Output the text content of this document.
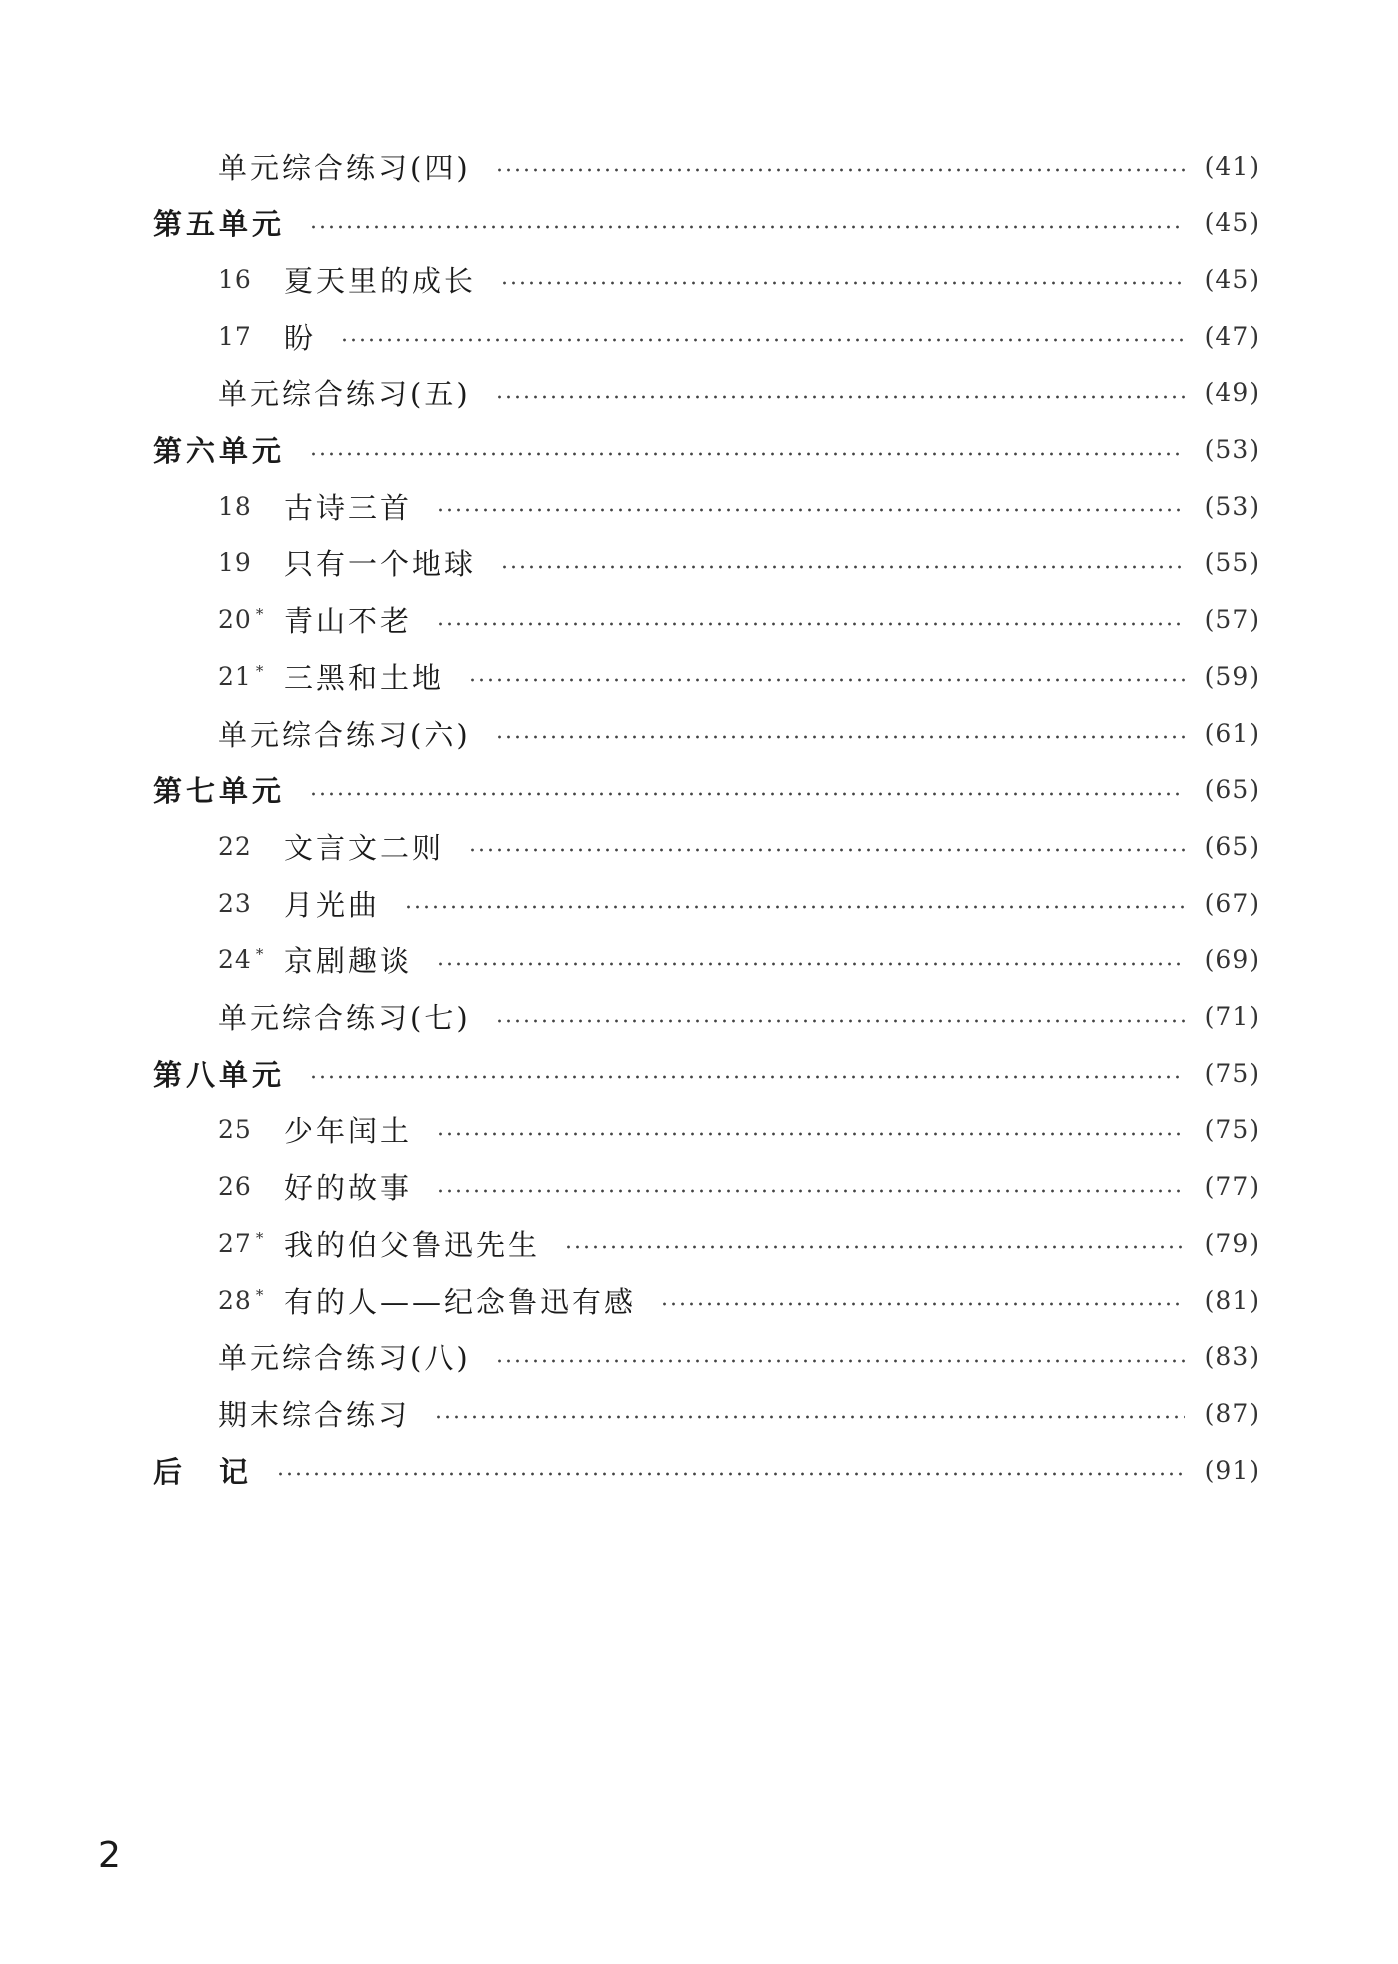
单元综合练习(四)	(41)
第五单元	(45)
16	夏天里的成长	(45)
17	盼	(47)
单元综合练习(五)	(49)
第六单元	(53)
18	古诗三首	(53)
19	只有一个地球	(55)
20 * 青山不老	(57)
21 * 三黑和土地	(59)
单元综合练习(六)	(61)
第七单元	(65)
22	文言文二则	(65)
23	月光曲	(67)
24 * 京剧趣谈	(69)
单元综合练习(七)	(71)
第八单元	(75)
25	少年闰土	(75)
26	好的故事	(77)
27 * 我的伯父鲁迅先生	(79)
28 * 有的人——纪念鲁迅有感	(81)
单元综合练习(八)	(83)
期末综合练习	(87)
后　记	(91)
2
